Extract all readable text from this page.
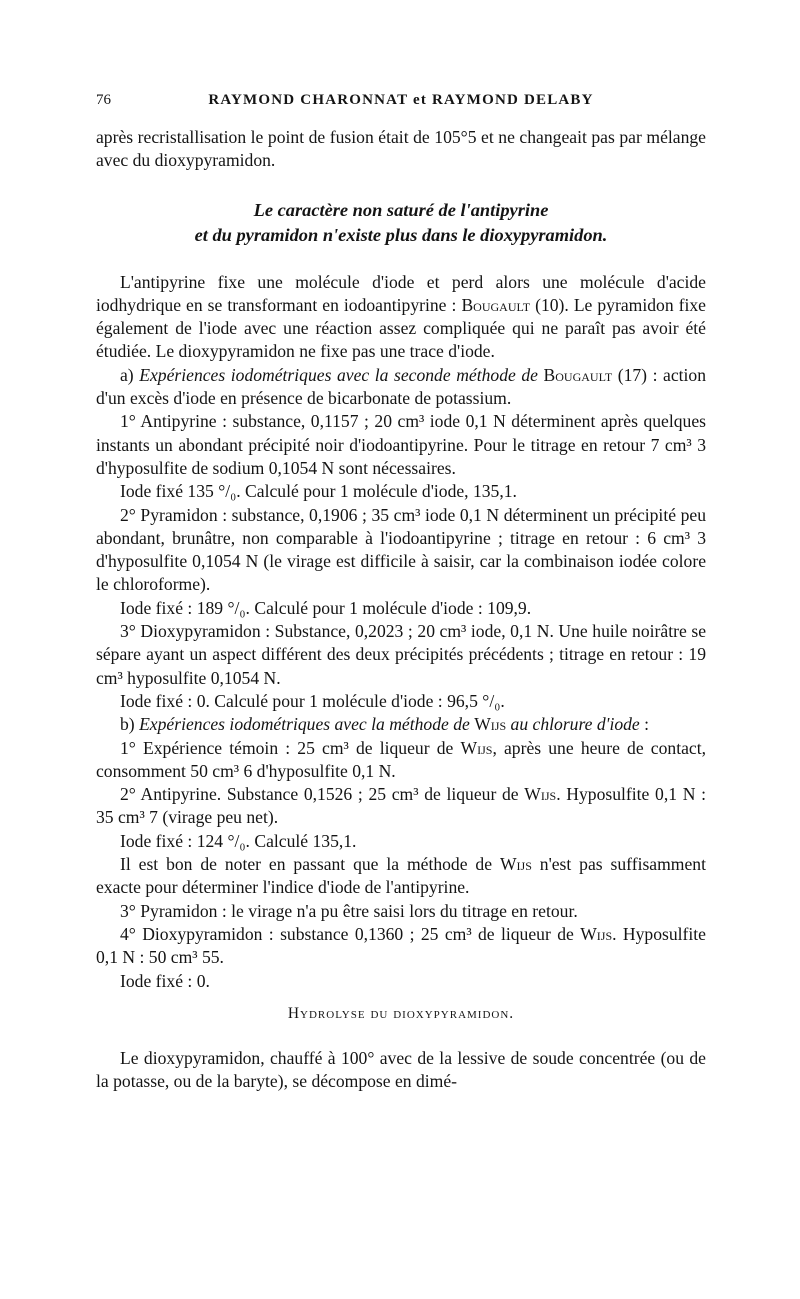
76	RAYMOND CHARONNAT et RAYMOND DELABY

après recristallisation le point de fusion était de 105°5 et ne changeait pas par mélange avec du dioxypyramidon.

Le caractère non saturé de l'antipyrine
et du pyramidon n'existe plus dans le dioxypyramidon.

L'antipyrine fixe une molécule d'iode et perd alors une molécule d'acide iodhydrique en se transformant en iodoantipyrine : Bougault (10). Le pyramidon fixe également de l'iode avec une réaction assez compliquée qui ne paraît pas avoir été étudiée. Le dioxypyramidon ne fixe pas une trace d'iode.

a) Expériences iodométriques avec la seconde méthode de Bougault (17) : action d'un excès d'iode en présence de bicarbonate de potassium.

1° Antipyrine : substance, 0,1157 ; 20 cm³ iode 0,1 N déterminent après quelques instants un abondant précipité noir d'iodoantipyrine. Pour le titrage en retour 7 cm³ 3 d'hyposulfite de sodium 0,1054 N sont nécessaires.

Iode fixé 135 °/₀. Calculé pour 1 molécule d'iode, 135,1.

2° Pyramidon : substance, 0,1906 ; 35 cm³ iode 0,1 N déterminent un précipité peu abondant, brunâtre, non comparable à l'iodoantipyrine ; titrage en retour : 6 cm³ 3 d'hyposulfite 0,1054 N (le virage est difficile à saisir, car la combinaison iodée colore le chloroforme).

Iode fixé : 189 °/₀. Calculé pour 1 molécule d'iode : 109,9.

3° Dioxypyramidon : Substance, 0,2023 ; 20 cm³ iode, 0,1 N. Une huile noirâtre se sépare ayant un aspect différent des deux précipités précédents ; titrage en retour : 19 cm³ hyposulfite 0,1054 N.

Iode fixé : 0. Calculé pour 1 molécule d'iode : 96,5 °/₀.

b) Expériences iodométriques avec la méthode de Wijs au chlorure d'iode :

1° Expérience témoin : 25 cm³ de liqueur de Wijs, après une heure de contact, consomment 50 cm³ 6 d'hyposulfite 0,1 N.

2° Antipyrine. Substance 0,1526 ; 25 cm³ de liqueur de Wijs. Hyposulfite 0,1 N : 35 cm³ 7 (virage peu net).

Iode fixé : 124 °/₀. Calculé 135,1.

Il est bon de noter en passant que la méthode de Wijs n'est pas suffisamment exacte pour déterminer l'indice d'iode de l'antipyrine.

3° Pyramidon : le virage n'a pu être saisi lors du titrage en retour.

4° Dioxypyramidon : substance 0,1360 ; 25 cm³ de liqueur de Wijs. Hyposulfite 0,1 N : 50 cm³ 55.

Iode fixé : 0.

Hydrolyse du dioxypyramidon.

Le dioxypyramidon, chauffé à 100° avec de la lessive de soude concentrée (ou de la potasse, ou de la baryte), se décompose en dimé-
